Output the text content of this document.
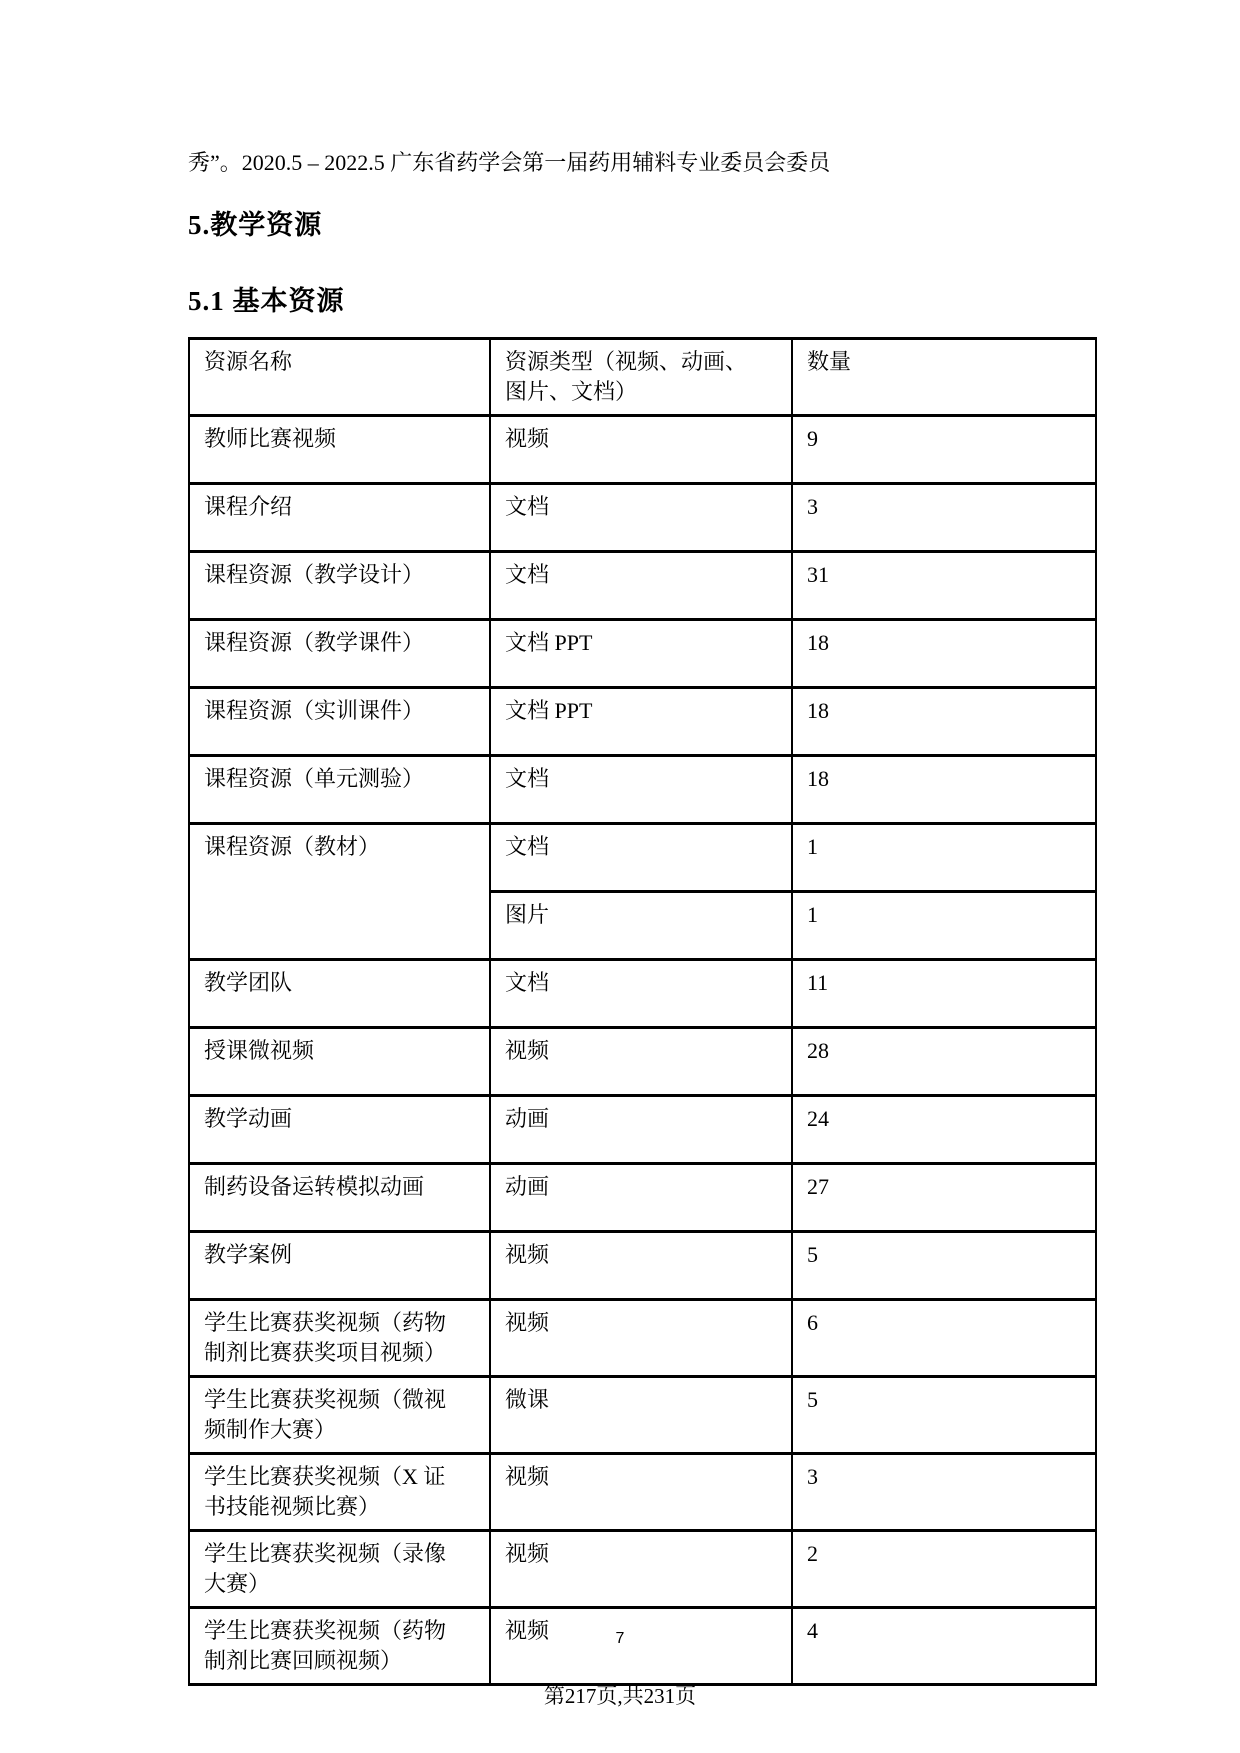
秀”。2020.5 – 2022.5 广东省药学会第一届药用辅料专业委员会委员
5.教学资源
5.1 基本资源
资源名称	资源类型（视频、动画、图片、文档）	数量
教师比赛视频	视频	9
课程介绍	文档	3
课程资源（教学设计）	文档	31
课程资源（教学课件）	文档 PPT	18
课程资源（实训课件）	文档 PPT	18
课程资源（单元测验）	文档	18
课程资源（教材）	文档	1
	图片	1
教学团队	文档	11
授课微视频	视频	28
教学动画	动画	24
制药设备运转模拟动画	动画	27
教学案例	视频	5
学生比赛获奖视频（药物制剂比赛获奖项目视频）	视频	6
学生比赛获奖视频（微视频制作大赛）	微课	5
学生比赛获奖视频（X 证书技能视频比赛）	视频	3
学生比赛获奖视频（录像大赛）	视频	2
学生比赛获奖视频（药物制剂比赛回顾视频）	视频	4
7
第217页,共231页
